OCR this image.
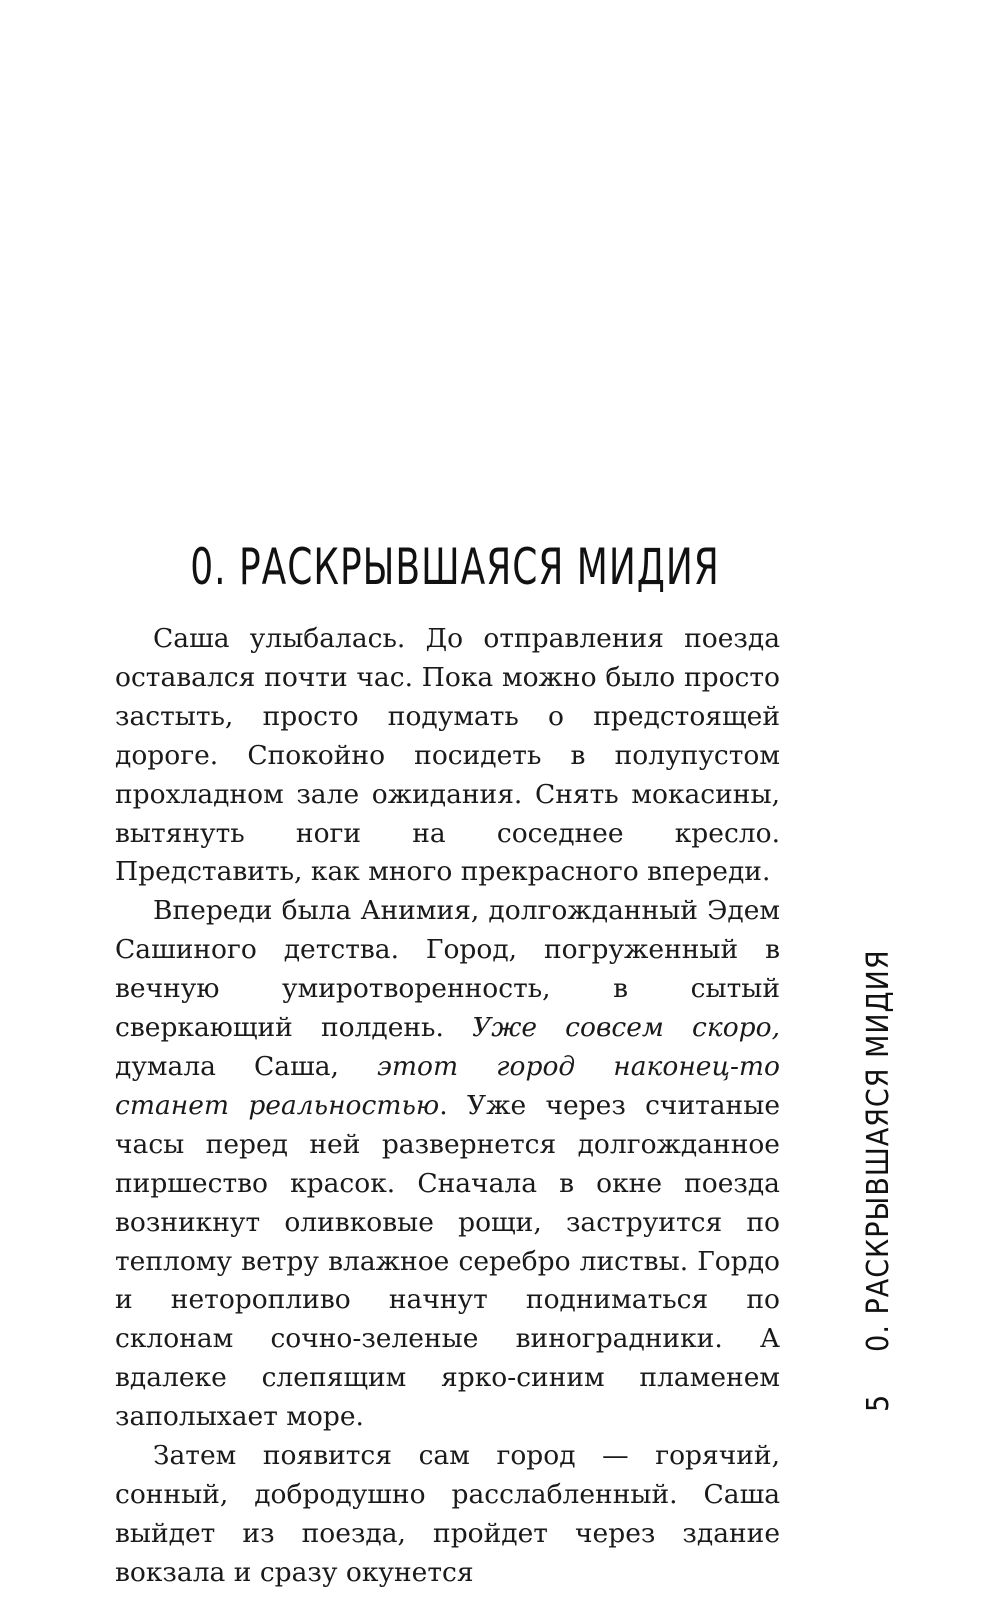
0. РАСКРЫВШАЯСЯ МИДИЯ

Саша улыбалась. До отправления поезда оставался почти час. Пока можно было просто застыть, просто подумать о предстоящей дороге. Спокойно посидеть в полупустом прохладном зале ожидания. Снять мокасины, вытянуть ноги на соседнее кресло. Представить, как много прекрасного впереди.

Впереди была Анимия, долгожданный Эдем Сашиного детства. Город, погруженный в вечную умиротворенность, в сытый сверкающий полдень. Уже совсем скоро, думала Саша, этот город наконец-то станет реальностью. Уже через считаные часы перед ней развернется долгожданное пиршество красок. Сначала в окне поезда возникнут оливковые рощи, заструится по теплому ветру влажное серебро листвы. Гордо и неторопливо начнут подниматься по склонам сочно-зеленые виноградники. А вдалеке слепящим ярко-синим пламенем заполыхает море.

Затем появится сам город — горячий, сонный, добродушно расслабленный. Саша выйдет из поезда, пройдет через здание вокзала и сразу окунется

5
0. РАСКРЫВШАЯСЯ МИДИЯ
